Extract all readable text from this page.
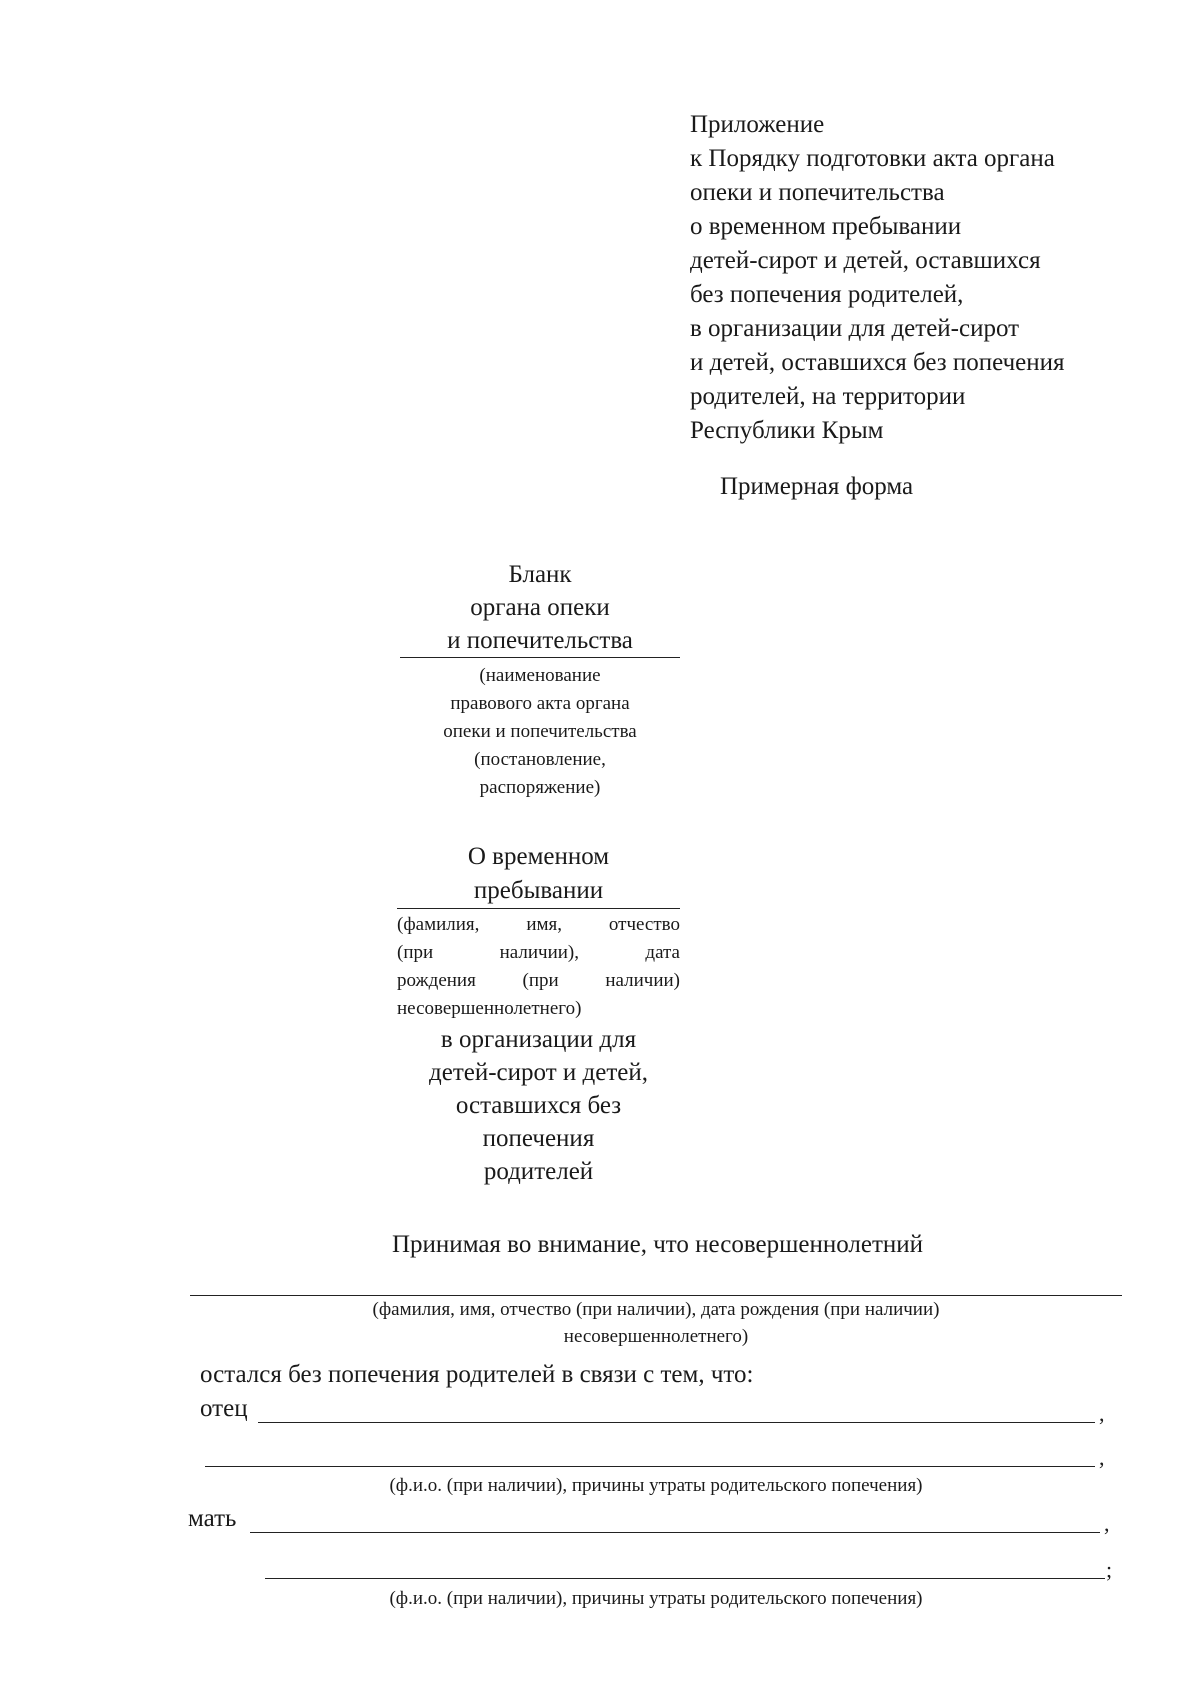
Приложение
к Порядку подготовки акта органа
опеки и попечительства
о временном пребывании
детей-сирот и детей, оставшихся
без попечения родителей,
в организации для детей-сирот
и детей, оставшихся без попечения
родителей, на территории
Республики Крым
Примерная форма
Бланк
органа опеки
и попечительства
(наименование
правового акта органа
опеки и попечительства
(постановление,
распоряжение)
О временном
пребывании
(фамилия, имя, отчество
(при	наличии),	дата
рождения (при наличии)
несовершеннолетнего)
в организации для
детей-сирот и детей,
оставшихся без
попечения
родителей
Принимая во внимание, что несовершеннолетний
(фамилия, имя, отчество (при наличии), дата рождения (при наличии)
несовершеннолетнего)
остался без попечения родителей в связи с тем, что:
отец	,
,
(ф.и.о. (при наличии), причины утраты родительского попечения)
мать	,
;
(ф.и.о. (при наличии), причины утраты родительского попечения)
